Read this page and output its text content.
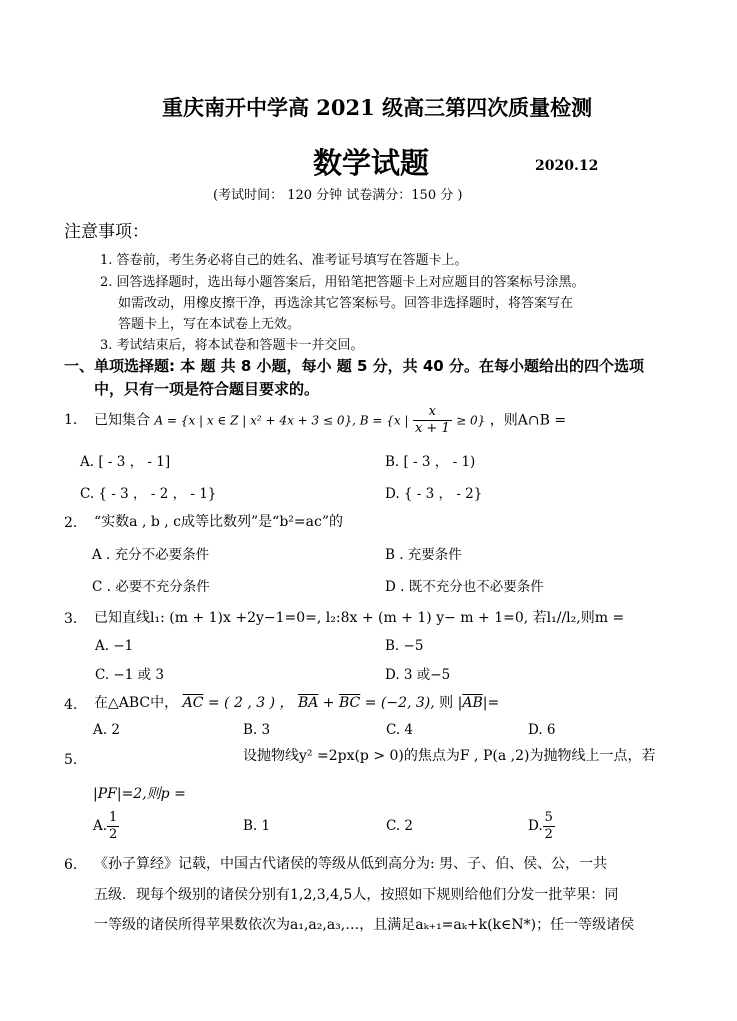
重庆南开中学高 2021 级高三第四次质量检测
数学试题	2020.12
(考试时间： 120 分钟 试卷满分：150 分 )
注意事项：
1. 答卷前，考生务必将自己的姓名、准考证号填写在答题卡上。
2. 回答选择题时，选出每小题答案后，用铅笔把答题卡上对应题目的答案标号涂黑。
如需改动，用橡皮擦干净，再选涂其它答案标号。回答非选择题时，将答案写在
答题卡上，写在本试卷上无效。
3. 考试结束后，将本试卷和答题卡一并交回。
一、单项选择题: 本 题 共 8 小题，每小 题 5 分，共 40 分。在每小题给出的四个选项
中，只有一项是符合题目要求的。
1. 已知集合 A = {x | x ∈ Z | x² + 4x + 3 ≤ 0}, B = {x | $\frac{x}{x + 1} \ge 0$} ，则A∩B =
A. [ - 3 ， - 1]	B. [ - 3 ， - 1)
C. { - 3 ， - 2 ， - 1}	D. { - 3 ， - 2}
2. “实数a , b , c成等比数列”是“b²=ac”的
A . 充分不必要条件	B . 充要条件
C . 必要不充分条件	D . 既不充分也不必要条件
3. 已知直线l₁: (m + 1)x +2y−1=0=, l₂:8x + (m + 1) y− m + 1=0, 若l₁//l₂,则m =
A. −1	B. −5
C. −1 或 3	D. 3 或−5
4. 在△ABC中， $\overline{AC}$ = ( 2 , 3 ) ， $\overline{BA} + \overline{BC} = (-2$, 3), 则 $|\overline{AB}|=$
A. 2	B. 3	C. 4	D. 6
5.	设抛物线y² =2px(p > 0)的焦点为F , P(a ,2)为抛物线上一点，若
|PF|=2,则p =
A. $\frac{1}{2}$	B. 1	C. 2	D. $\frac{5}{2}$
6. 《孙子算经》记载，中国古代诸侯的等级从低到高分为: 男、子、伯、侯、公，一共
五级．现每个级别的诸侯分别有1,2,3,4,5人，按照如下规则给他们分发一批苹果：同
一等级的诸侯所得苹果数依次为a₁,a₂,a₃,…，且满足aₖ₊₁=aₖ+k(k∈N*)；任一等级诸侯
